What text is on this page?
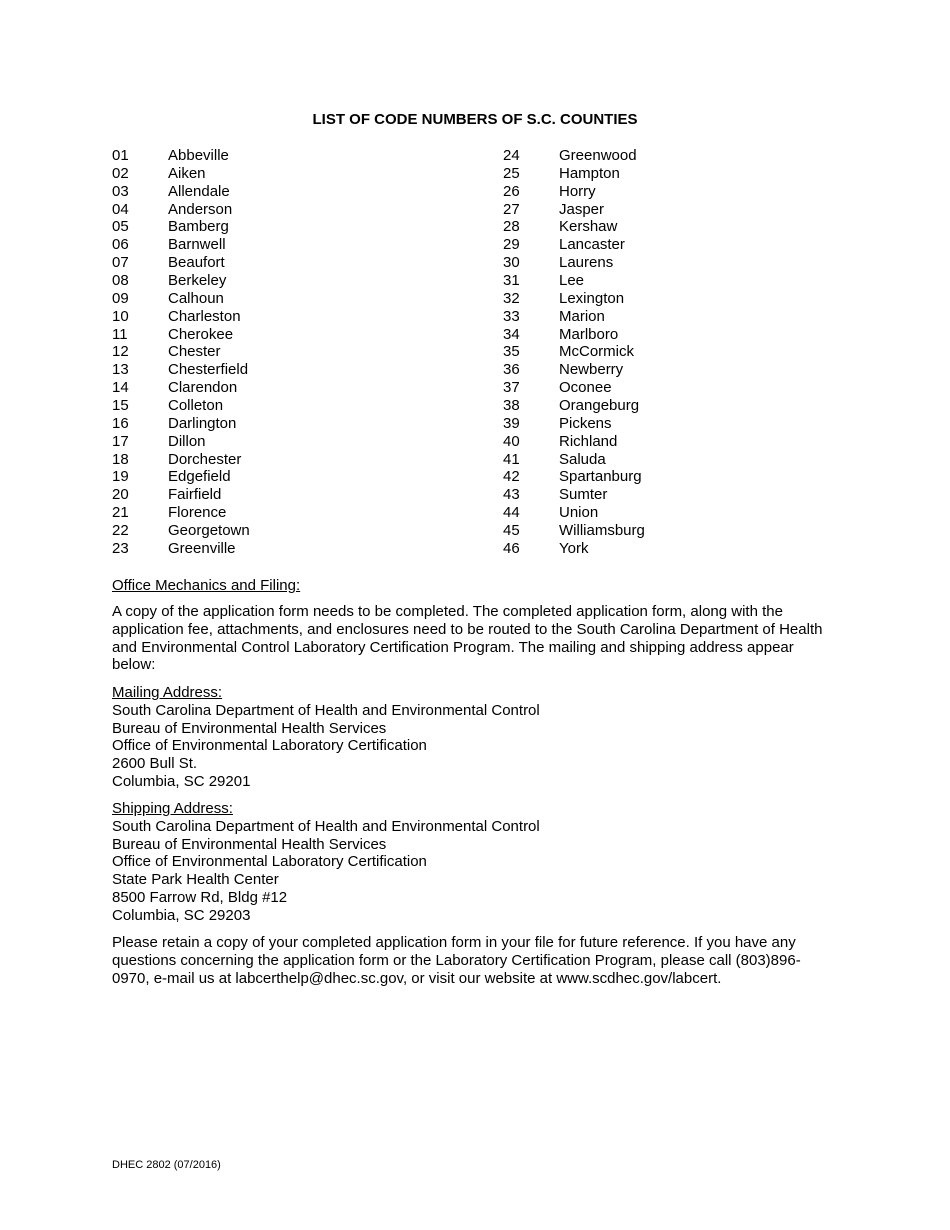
LIST OF CODE NUMBERS OF S.C. COUNTIES
01	Abbeville
02	Aiken
03	Allendale
04	Anderson
05	Bamberg
06	Barnwell
07	Beaufort
08	Berkeley
09	Calhoun
10	Charleston
11	Cherokee
12	Chester
13	Chesterfield
14	Clarendon
15	Colleton
16	Darlington
17	Dillon
18	Dorchester
19	Edgefield
20	Fairfield
21	Florence
22	Georgetown
23	Greenville
24	Greenwood
25	Hampton
26	Horry
27	Jasper
28	Kershaw
29	Lancaster
30	Laurens
31	Lee
32	Lexington
33	Marion
34	Marlboro
35	McCormick
36	Newberry
37	Oconee
38	Orangeburg
39	Pickens
40	Richland
41	Saluda
42	Spartanburg
43	Sumter
44	Union
45	Williamsburg
46	York
Office Mechanics and Filing:
A copy of the application form needs to be completed. The completed application form, along with the application fee, attachments, and enclosures need to be routed to the South Carolina Department of Health and Environmental Control Laboratory Certification Program. The mailing and shipping address appear below:
Mailing Address:
South Carolina Department of Health and Environmental Control
Bureau of Environmental Health Services
Office of Environmental Laboratory Certification
2600 Bull St.
Columbia, SC 29201
Shipping Address:
South Carolina Department of Health and Environmental Control
Bureau of Environmental Health Services
Office of Environmental Laboratory Certification
State Park Health Center
8500 Farrow Rd, Bldg #12
Columbia, SC 29203
Please retain a copy of your completed application form in your file for future reference. If you have any questions concerning the application form or the Laboratory Certification Program, please call (803)896-0970, e-mail us at labcerthelp@dhec.sc.gov, or visit our website at www.scdhec.gov/labcert.
DHEC 2802 (07/2016)
